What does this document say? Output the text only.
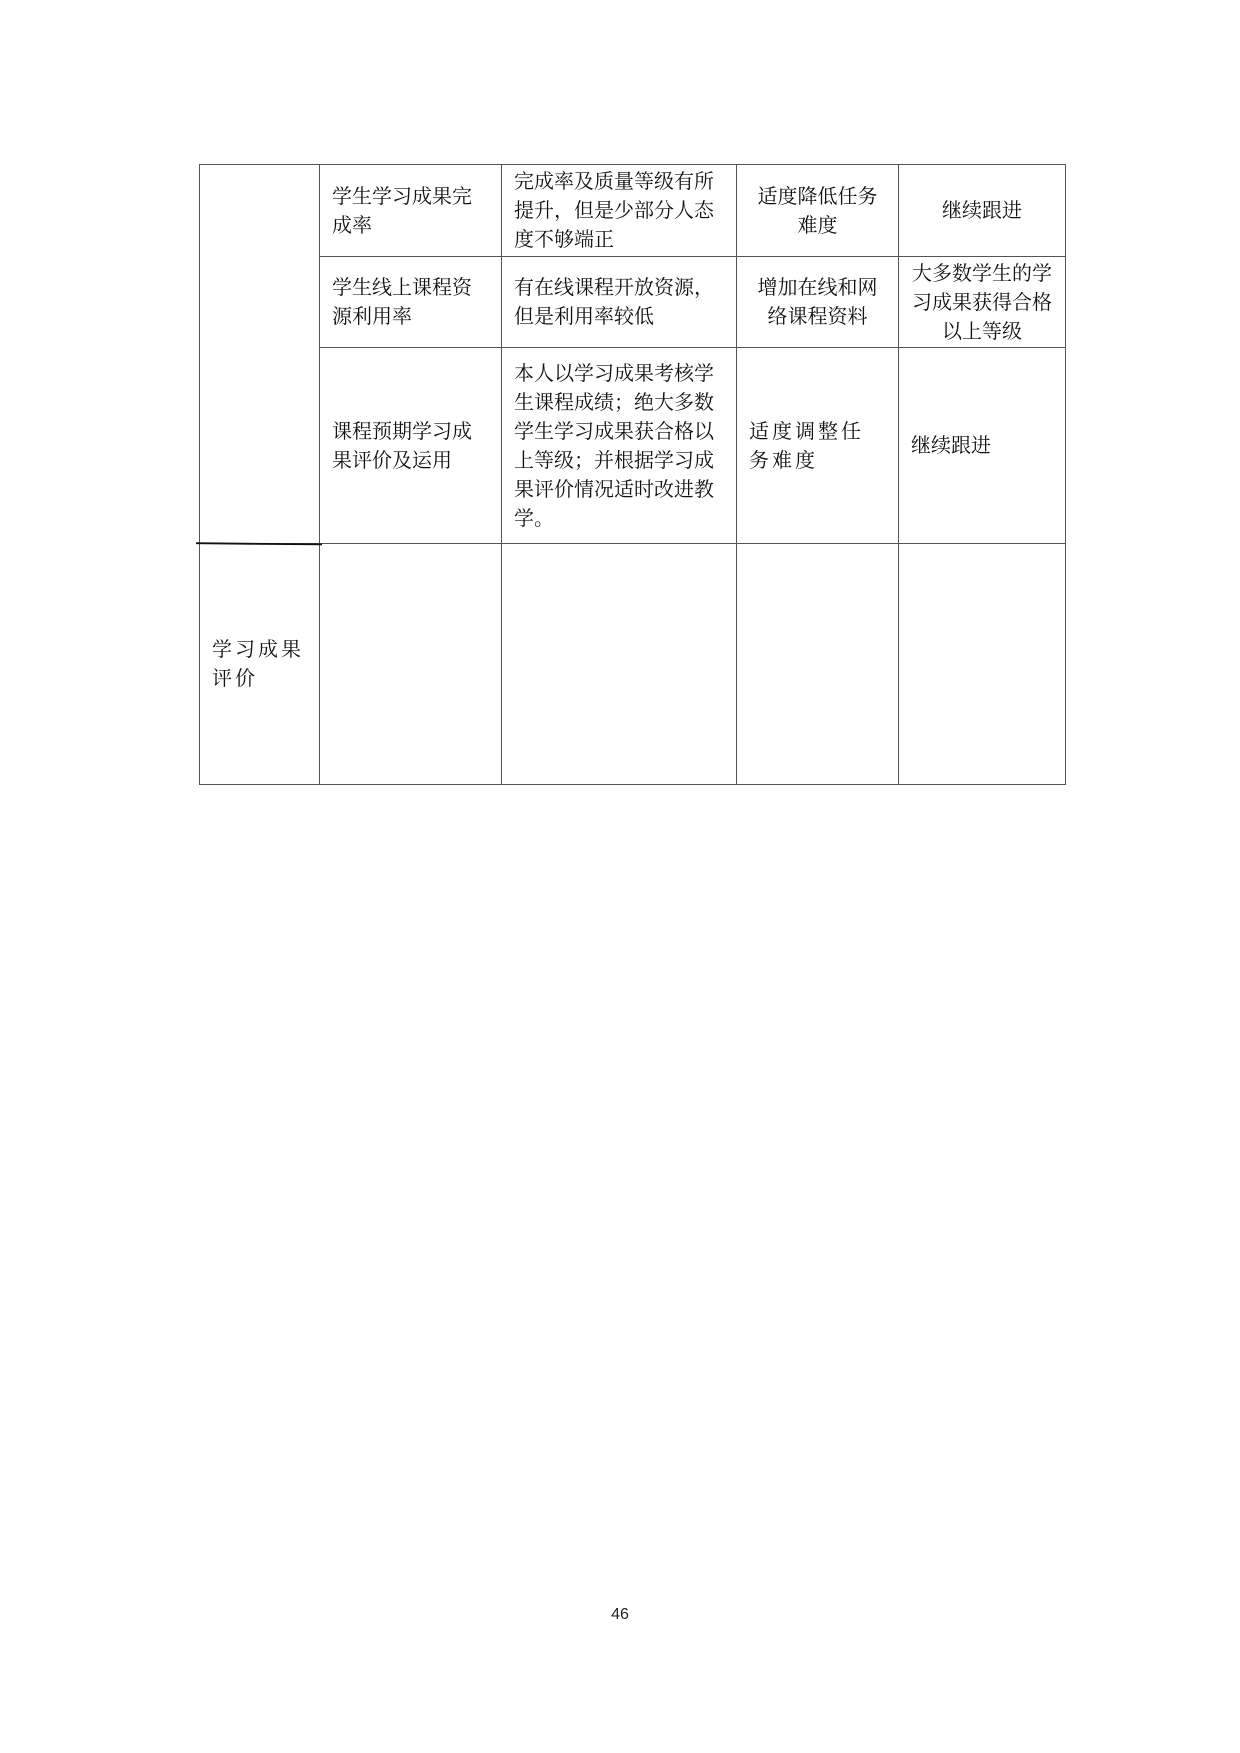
	学生学习成果完成率	完成率及质量等级有所提升，但是少部分人态度不够端正	适度降低任务难度	继续跟进
	学生线上课程资源利用率	有在线课程开放资源，但是利用率较低	增加在线和网络课程资料	大多数学生的学习成果获得合格以上等级
	课程预期学习成果评价及运用	本人以学习成果考核学生课程成绩；绝大多数学生学习成果获合格以上等级；并根据学习成果评价情况适时改进教学。	适度调整任务难度	继续跟进
学习成果评价				
46
